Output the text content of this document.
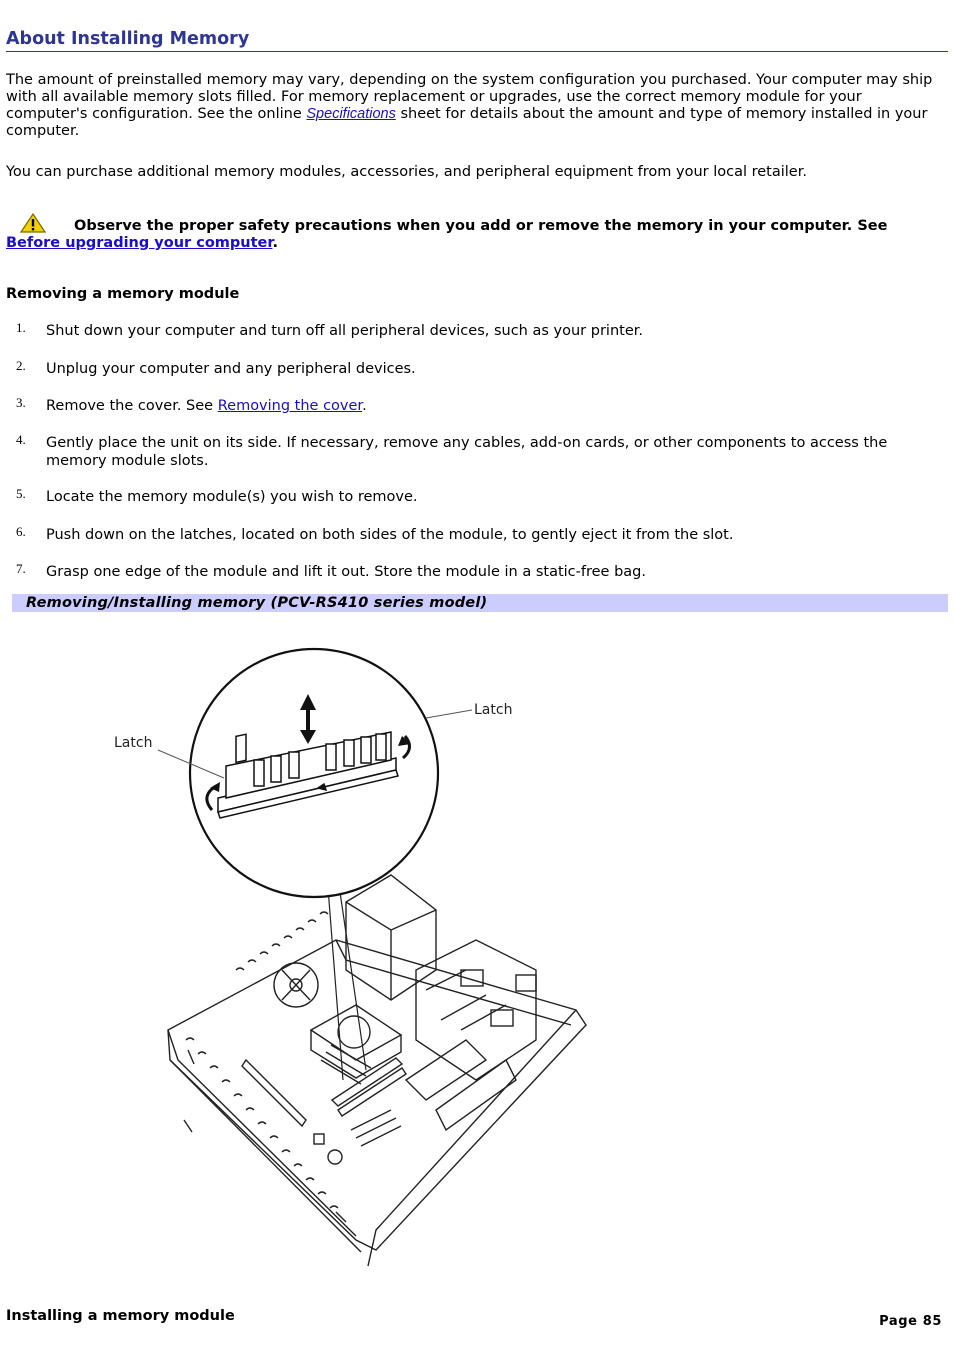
About Installing Memory

The amount of preinstalled memory may vary, depending on the system configuration you purchased. Your computer may ship with all available memory slots filled. For memory replacement or upgrades, use the correct memory module for your computer's configuration. See the online Specifications sheet for details about the amount and type of memory installed in your computer.

You can purchase additional memory modules, accessories, and peripheral equipment from your local retailer.

Observe the proper safety precautions when you add or remove the memory in your computer. See Before upgrading your computer.
Removing a memory module
1. Shut down your computer and turn off all peripheral devices, such as your printer.
2. Unplug your computer and any peripheral devices.
3. Remove the cover. See Removing the cover.
4. Gently place the unit on its side. If necessary, remove any cables, add-on cards, or other components to access the memory module slots.
5. Locate the memory module(s) you wish to remove.
6. Push down on the latches, located on both sides of the module, to gently eject it from the slot.
7. Grasp one edge of the module and lift it out. Store the module in a static-free bag.
Removing/Installing memory (PCV-RS410 series model)
Latch
Latch
Installing a memory module	Page 85
